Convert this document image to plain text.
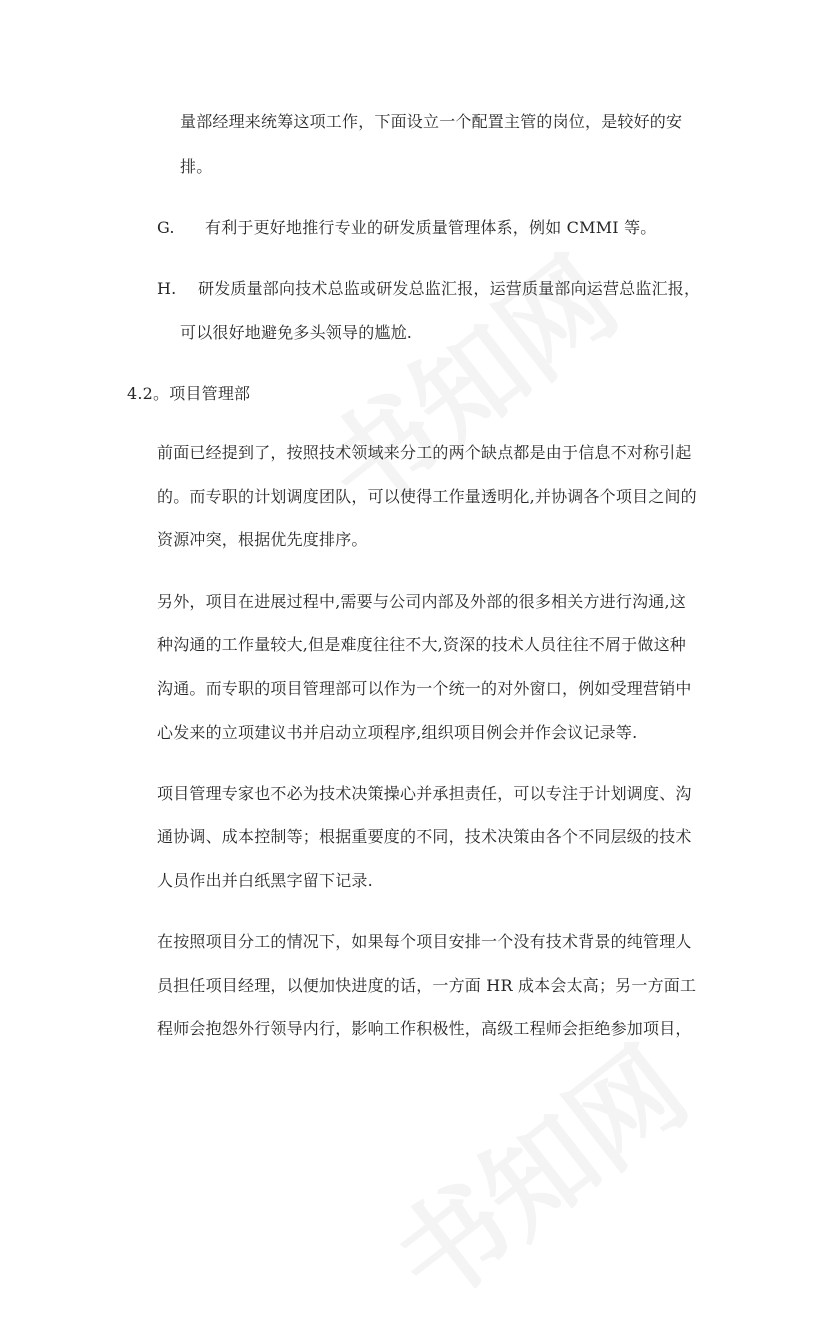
量部经理来统筹这项工作，下面设立一个配置主管的岗位，是较好的安
排。
G. 有利于更好地推行专业的研发质量管理体系，例如 CMMI 等。
H. 研发质量部向技术总监或研发总监汇报，运营质量部向运营总监汇报，
可以很好地避免多头领导的尴尬.
4.2。项目管理部
前面已经提到了，按照技术领域来分工的两个缺点都是由于信息不对称引起
的。而专职的计划调度团队，可以使得工作量透明化,并协调各个项目之间的
资源冲突，根据优先度排序。
另外，项目在进展过程中,需要与公司内部及外部的很多相关方进行沟通,这
种沟通的工作量较大,但是难度往往不大,资深的技术人员往往不屑于做这种
沟通。而专职的项目管理部可以作为一个统一的对外窗口，例如受理营销中
心发来的立项建议书并启动立项程序,组织项目例会并作会议记录等.
项目管理专家也不必为技术决策操心并承担责任，可以专注于计划调度、沟
通协调、成本控制等；根据重要度的不同，技术决策由各个不同层级的技术
人员作出并白纸黑字留下记录.
在按照项目分工的情况下，如果每个项目安排一个没有技术背景的纯管理人
员担任项目经理，以便加快进度的话，一方面 HR 成本会太高；另一方面工
程师会抱怨外行领导内行，影响工作积极性，高级工程师会拒绝参加项目，
